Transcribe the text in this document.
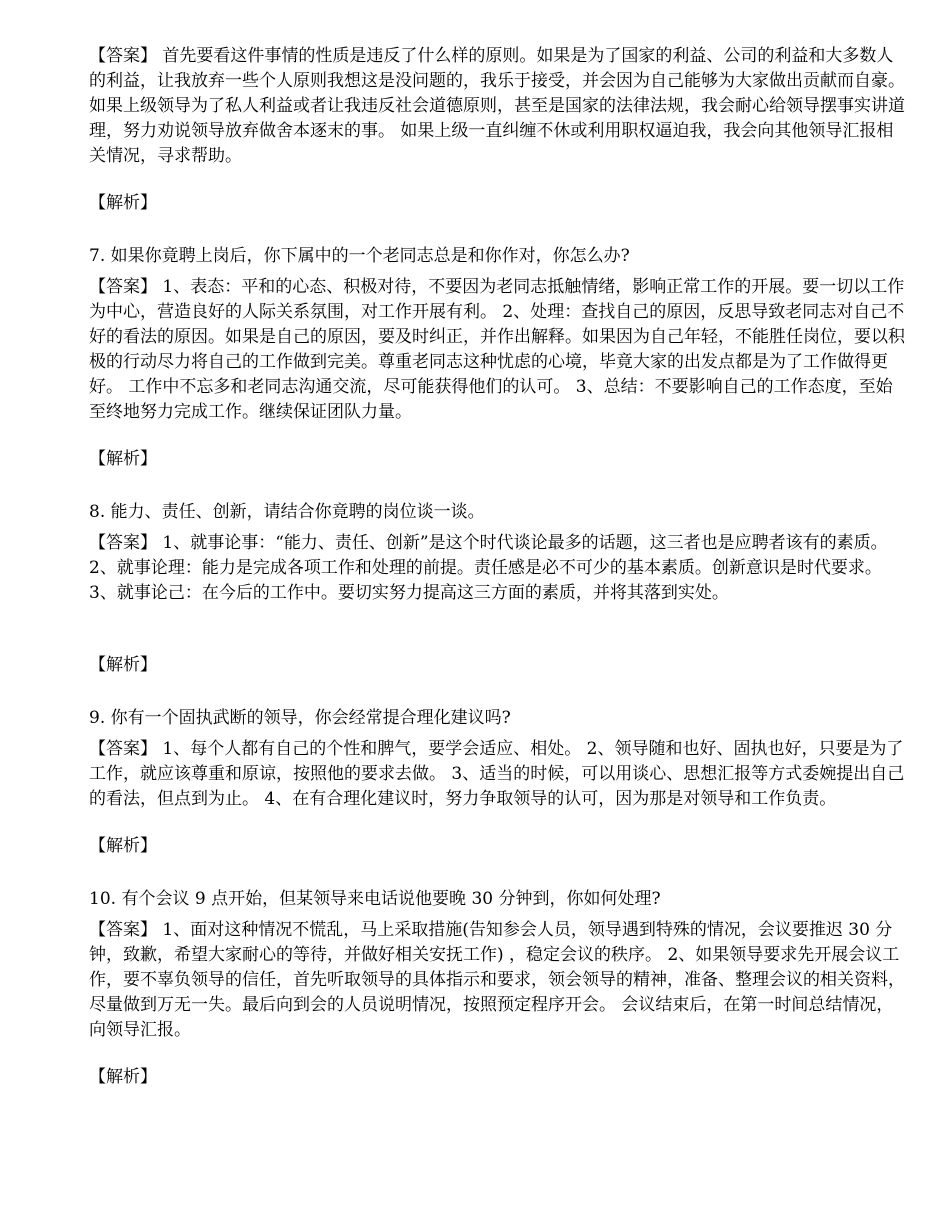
【答案】 首先要看这件事情的性质是违反了什么样的原则。如果是为了国家的利益、公司的利益和大多数人的利益，让我放弃一些个人原则我想这是没问题的，我乐于接受，并会因为自己能够为大家做出贡献而自豪。 如果上级领导为了私人利益或者让我违反社会道德原则，甚至是国家的法律法规，我会耐心给领导摆事实讲道理，努力劝说领导放弃做舍本逐末的事。 如果上级一直纠缠不休或利用职权逼迫我，我会向其他领导汇报相关情况，寻求帮助。

【解析】

7. 如果你竟聘上岗后，你下属中的一个老同志总是和你作对，你怎么办?

【答案】 1、表态：平和的心态、积极对待，不要因为老同志抵触情绪，影响正常工作的开展。要一切以工作为中心，营造良好的人际关系氛围，对工作开展有利。 2、处理：查找自己的原因，反思导致老同志对自己不好的看法的原因。如果是自己的原因，要及时纠正，并作出解释。如果因为自己年轻，不能胜任岗位，要以积极的行动尽力将自己的工作做到完美。尊重老同志这种忧虑的心境，毕竟大家的出发点都是为了工作做得更好。 工作中不忘多和老同志沟通交流，尽可能获得他们的认可。 3、总结：不要影响自己的工作态度，至始至终地努力完成工作。继续保证团队力量。

【解析】

8. 能力、责任、创新，请结合你竟聘的岗位谈一谈。

【答案】 1、就事论事：“能力、责任、创新”是这个时代谈论最多的话题，这三者也是应聘者该有的素质。 2、就事论理：能力是完成各项工作和处理的前提。责任感是必不可少的基本素质。创新意识是时代要求。 3、就事论己：在今后的工作中。要切实努力提高这三方面的素质，并将其落到实处。

【解析】

9. 你有一个固执武断的领导，你会经常提合理化建议吗?

【答案】 1、每个人都有自己的个性和脾气，要学会适应、相处。 2、领导随和也好、固执也好，只要是为了工作，就应该尊重和原谅，按照他的要求去做。 3、适当的时候，可以用谈心、思想汇报等方式委婉提出自己的看法，但点到为止。 4、在有合理化建议时，努力争取领导的认可，因为那是对领导和工作负责。

【解析】

10. 有个会议 9 点开始，但某领导来电话说他要晚 30 分钟到，你如何处理?

【答案】 1、面对这种情况不慌乱，马上采取措施(告知参会人员，领导遇到特殊的情况，会议要推迟 30 分钟，致歉，希望大家耐心的等待，并做好相关安抚工作) ，稳定会议的秩序。 2、如果领导要求先开展会议工作，要不辜负领导的信任，首先听取领导的具体指示和要求，领会领导的精神，准备、整理会议的相关资料，尽量做到万无一失。最后向到会的人员说明情况，按照预定程序开会。 会议结束后，在第一时间总结情况，向领导汇报。

【解析】
